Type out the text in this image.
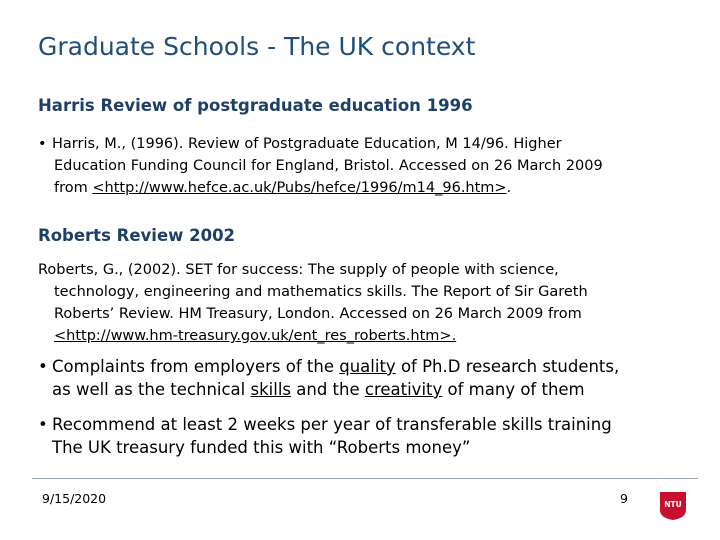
Graduate Schools - The UK context
Harris Review of postgraduate education 1996
• Harris, M., (1996). Review of Postgraduate Education, M 14/96. Higher
Education Funding Council for England, Bristol. Accessed on 26 March 2009
from <http://www.hefce.ac.uk/Pubs/hefce/1996/m14_96.htm>.
Roberts Review 2002
Roberts, G., (2002). SET for success: The supply of people with science,
technology, engineering and mathematics skills. The Report of Sir Gareth
Roberts’ Review. HM Treasury, London. Accessed on 26 March 2009 from
<http://www.hm-treasury.gov.uk/ent_res_roberts.htm>.
• Complaints from employers of the quality of Ph.D research students,
as well as the technical skills and the creativity of many of them
• Recommend at least 2 weeks per year of transferable skills training
The UK treasury funded this with “Roberts money”
9/15/2020	9	NTU
